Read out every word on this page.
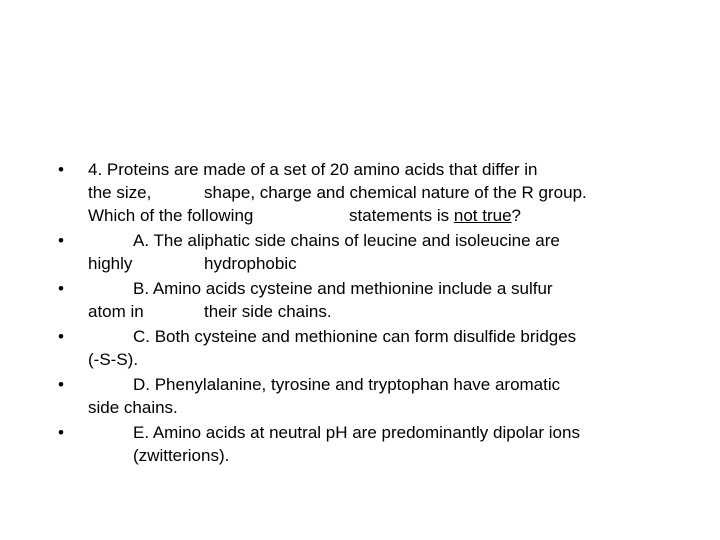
•
•
•
•
•
•
4. Proteins are made of a set of 20 amino acids that differ in
the size,	shape, charge and chemical nature of the R group.
Which of the following	statements is not true?
A. The aliphatic side chains of leucine and isoleucine are
highly	hydrophobic
B. Amino acids cysteine and methionine include a sulfur
atom in	their side chains.
C. Both cysteine and methionine can form disulfide bridges
(-S-S).
D. Phenylalanine, tyrosine and tryptophan have aromatic
side chains.
E. Amino acids at neutral pH are predominantly dipolar ions
(zwitterions).
